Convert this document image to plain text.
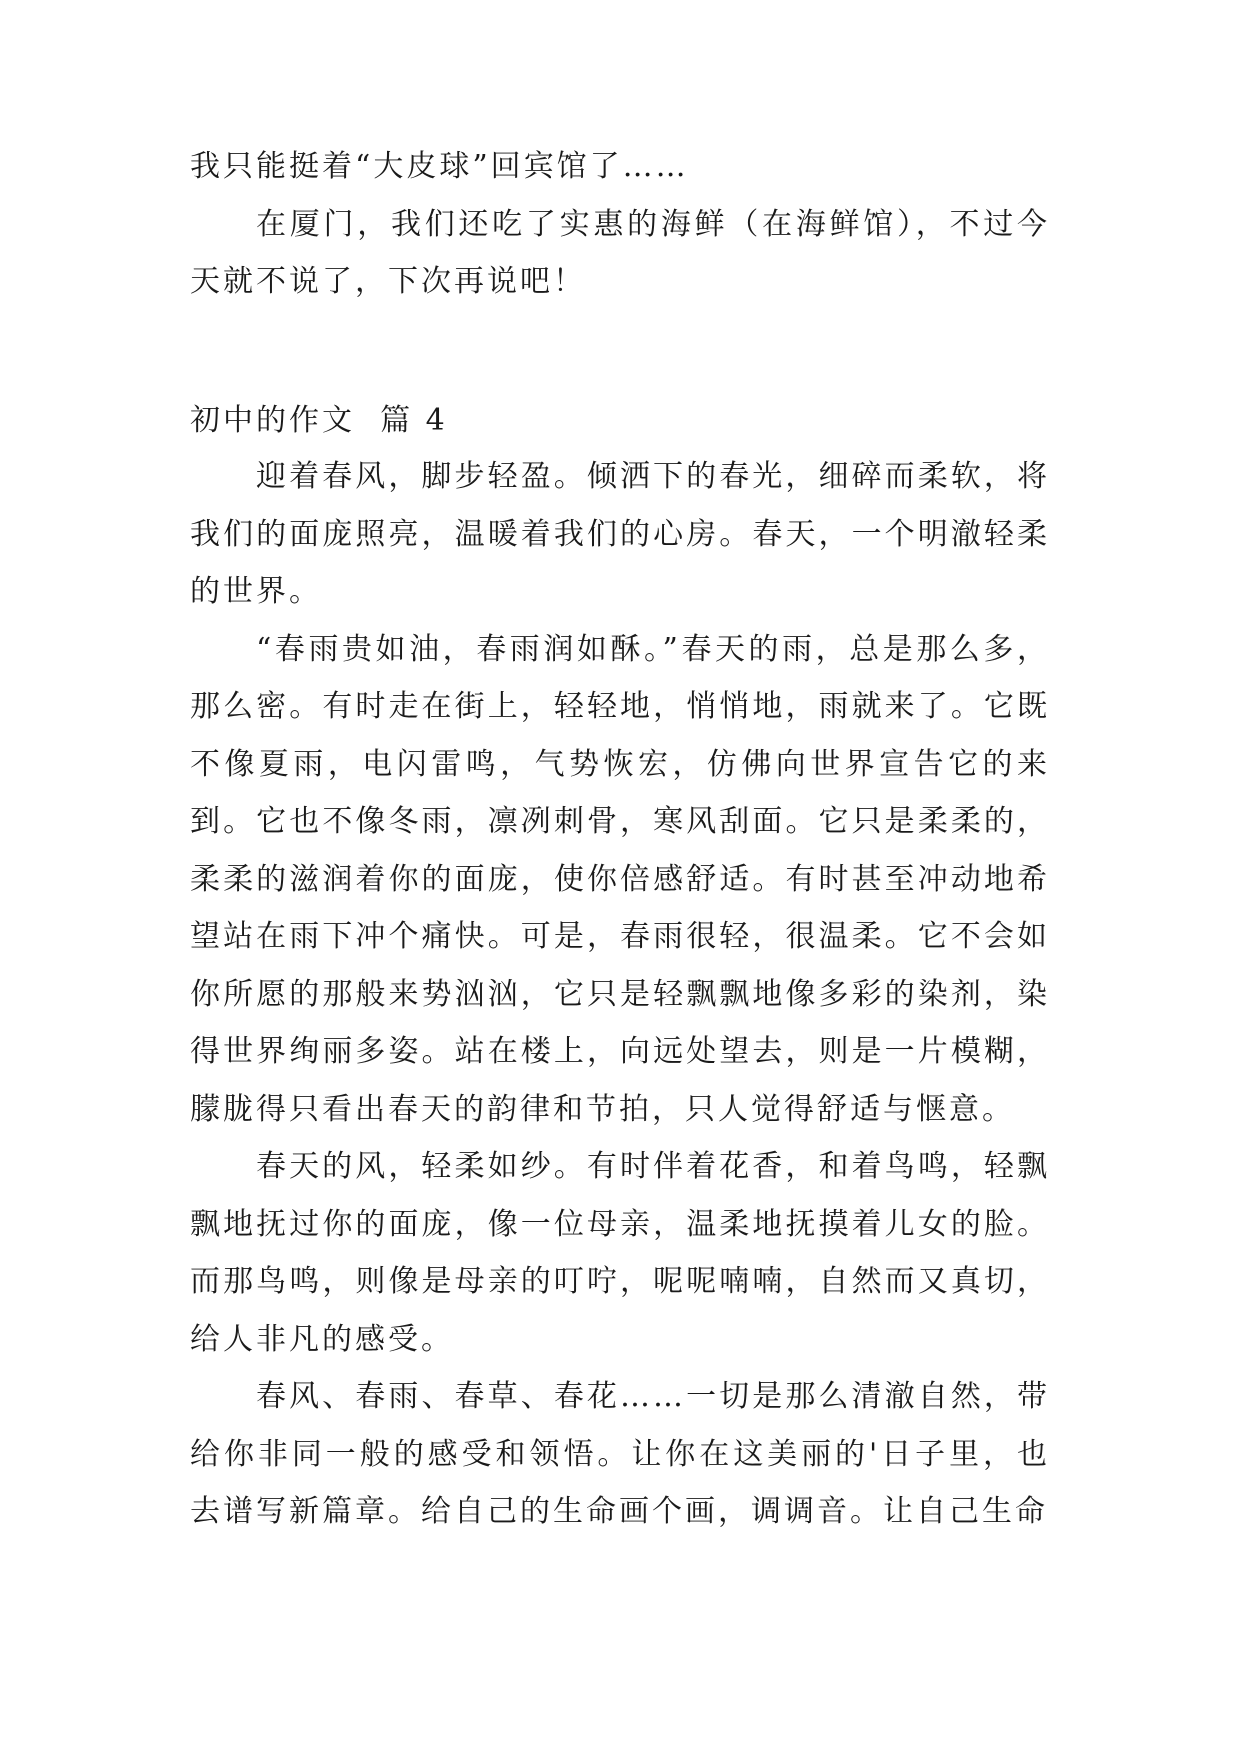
我只能挺着“大皮球”回宾馆了……

在厦门，我们还吃了实惠的海鲜（在海鲜馆），不过今天就不说了，下次再说吧！

初中的作文 篇 4

迎着春风，脚步轻盈。倾洒下的春光，细碎而柔软，将我们的面庞照亮，温暖着我们的心房。春天，一个明澈轻柔的世界。

“春雨贵如油，春雨润如酥。”春天的雨，总是那么多，那么密。有时走在街上，轻轻地，悄悄地，雨就来了。它既不像夏雨，电闪雷鸣，气势恢宏，仿佛向世界宣告它的来到。它也不像冬雨，凛冽刺骨，寒风刮面。它只是柔柔的，柔柔的滋润着你的面庞，使你倍感舒适。有时甚至冲动地希望站在雨下冲个痛快。可是，春雨很轻，很温柔。它不会如你所愿的那般来势汹汹，它只是轻飘飘地像多彩的染剂，染得世界绚丽多姿。站在楼上，向远处望去，则是一片模糊，朦胧得只看出春天的韵律和节拍，只人觉得舒适与惬意。

春天的风，轻柔如纱。有时伴着花香，和着鸟鸣，轻飘飘地抚过你的面庞，像一位母亲，温柔地抚摸着儿女的脸。而那鸟鸣，则像是母亲的叮咛，呢呢喃喃，自然而又真切，给人非凡的感受。

春风、春雨、春草、春花……一切是那么清澈自然，带给你非同一般的感受和领悟。让你在这美丽的'日子里，也去谱写新篇章。给自己的生命画个画，调调音。让自己生命
